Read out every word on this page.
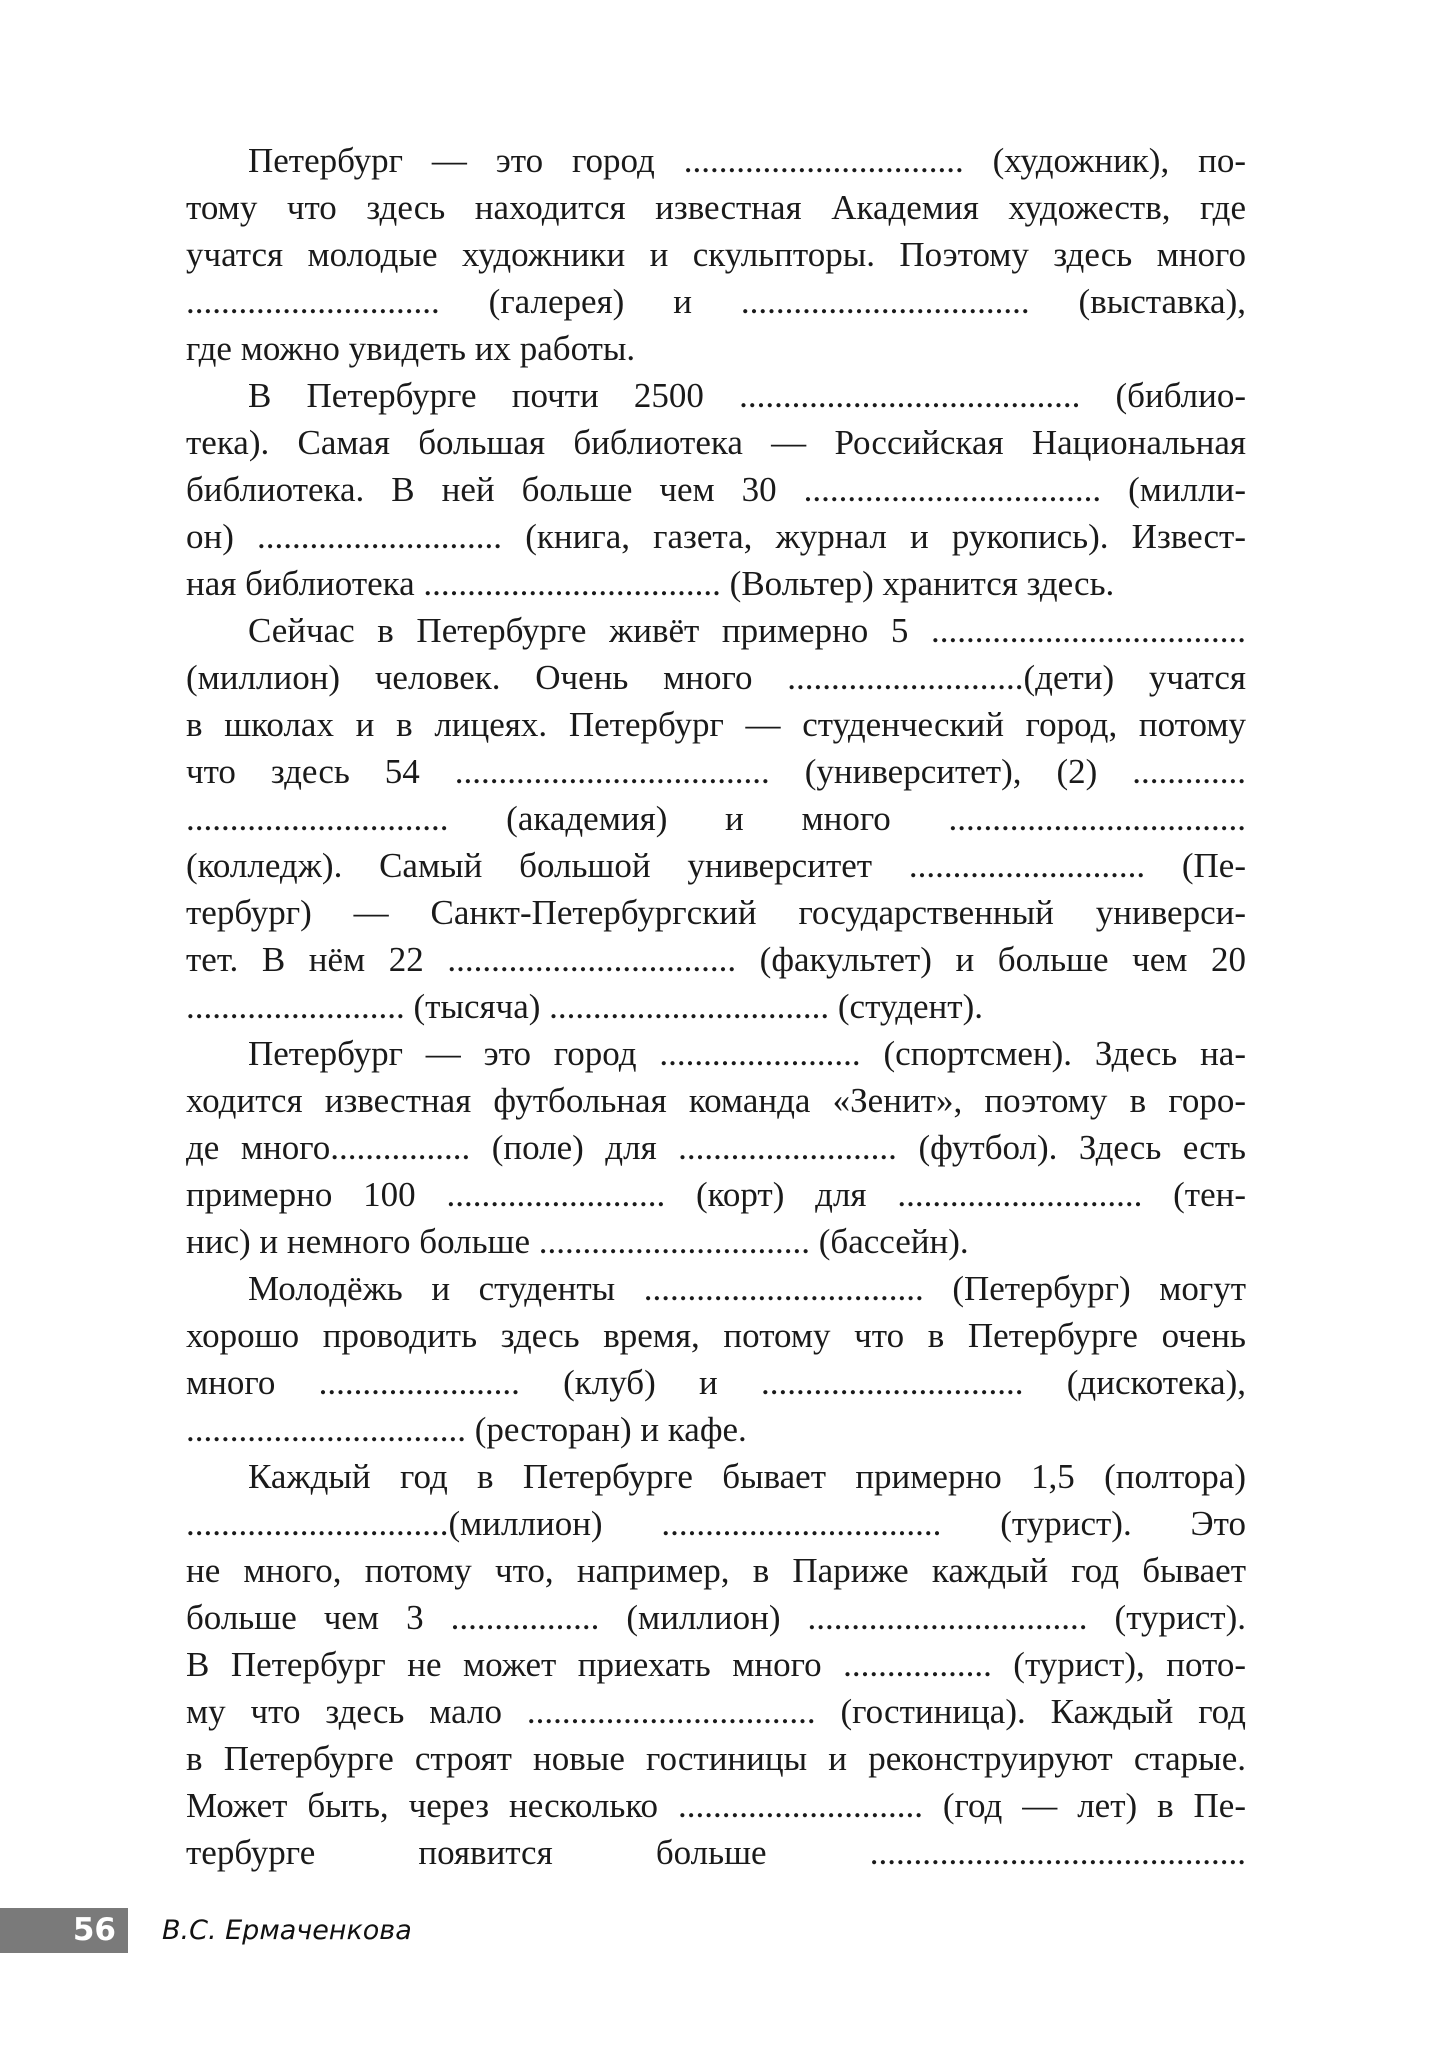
Петербург — это город ................................ (художник), по-
тому что здесь находится известная Академия художеств, где
учатся молодые художники и скульпторы. Поэтому здесь много
............................. (галерея) и ................................. (выставка),
где можно увидеть их работы.
В Петербурге почти 2500 ....................................... (библио-
тека). Самая большая библиотека — Российская Национальная
библиотека. В ней больше чем 30 .................................. (милли-
он) ............................ (книга, газета, журнал и рукопись). Извест-
ная библиотека .................................. (Вольтер) хранится здесь.
Сейчас в Петербурге живёт примерно 5 ....................................
(миллион) человек. Очень много ...........................(дети) учатся
в школах и в лицеях. Петербург — студенческий город, потому
что здесь 54 .................................... (университет), (2) .............
.............................. (академия) и много ..................................
(колледж). Самый большой университет ........................... (Пе-
тербург) — Санкт-Петербургский государственный универси-
тет. В нём 22 ................................. (факультет) и больше чем 20
......................... (тысяча) ................................ (студент).
Петербург — это город ....................... (спортсмен). Здесь на-
ходится известная футбольная команда «Зенит», поэтому в горо-
де много................ (поле) для ......................... (футбол). Здесь есть
примерно 100 ......................... (корт) для ............................ (тен-
нис) и немного больше ............................... (бассейн).
Молодёжь и студенты ................................ (Петербург) могут
хорошо проводить здесь время, потому что в Петербурге очень
много ....................... (клуб) и .............................. (дискотека),
................................ (ресторан) и кафе.
Каждый год в Петербурге бывает примерно 1,5 (полтора)
..............................(миллион) ................................ (турист). Это
не много, потому что, например, в Париже каждый год бывает
больше чем 3 ................. (миллион) ................................ (турист).
В Петербург не может приехать много ................. (турист), пото-
му что здесь мало ................................. (гостиница). Каждый год
в Петербурге строят новые гостиницы и реконструируют старые.
Может быть, через несколько ............................ (год — лет) в Пе-
тербурге появится больше ...........................................
56	В.С. Ермаченкова
